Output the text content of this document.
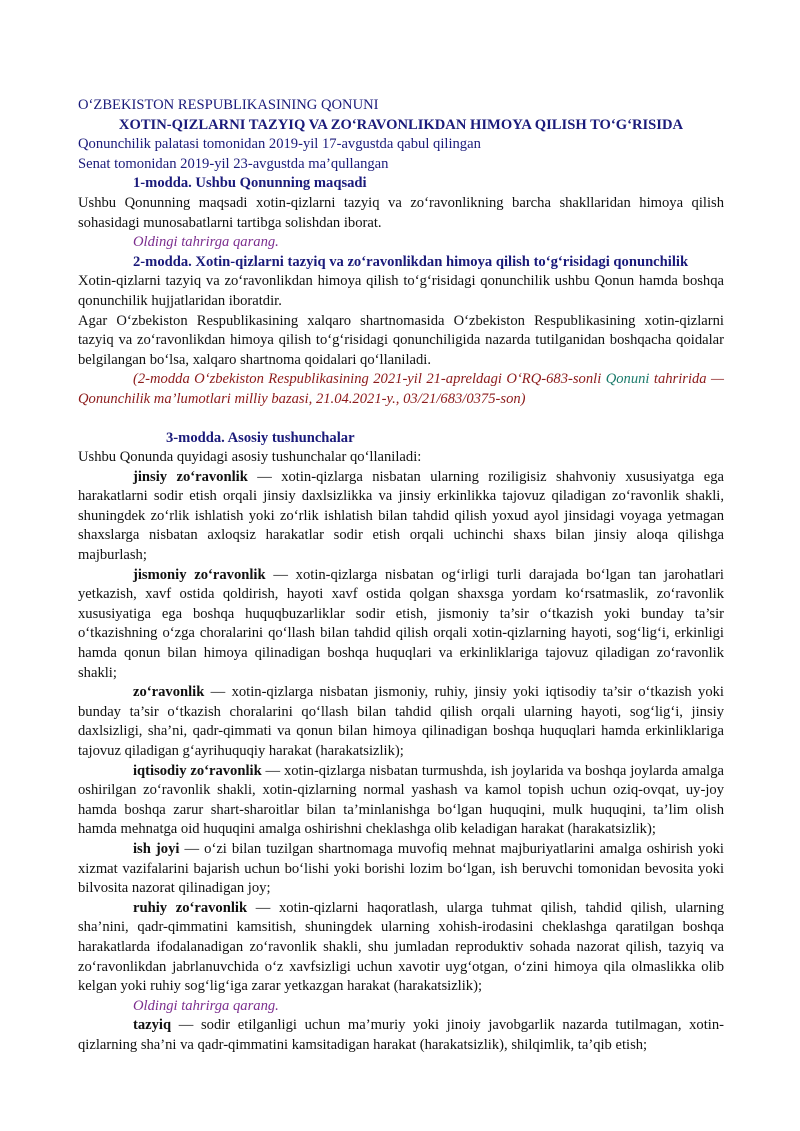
O‘ZBEKISTON RESPUBLIKASINING QONUNI

XOTIN-QIZLARNI TAZYIQ VA ZO‘RAVONLIKDAN HIMOYA QILISH TO‘G‘RISIDA

Qonunchilik palatasi tomonidan 2019-yil 17-avgustda qabul qilingan

Senat tomonidan 2019-yil 23-avgustda ma’qullangan

1-modda. Ushbu Qonunning maqsadi

Ushbu Qonunning maqsadi xotin-qizlarni tazyiq va zo‘ravonlikning barcha shakllaridan himoya qilish sohasidagi munosabatlarni tartibga solishdan iborat.

Oldingi tahrirga qarang.

2-modda. Xotin-qizlarni tazyiq va zo‘ravonlikdan himoya qilish to‘g‘risidagi qonunchilik

Xotin-qizlarni tazyiq va zo‘ravonlikdan himoya qilish to‘g‘risidagi qonunchilik ushbu Qonun hamda boshqa qonunchilik hujjatlaridan iboratdir.

Agar O‘zbekiston Respublikasining xalqaro shartnomasida O‘zbekiston Respublikasining xotin-qizlarni tazyiq va zo‘ravonlikdan himoya qilish to‘g‘risidagi qonunchiligida nazarda tutilganidan boshqacha qoidalar belgilangan bo‘lsa, xalqaro shartnoma qoidalari qo‘llaniladi.

(2-modda O‘zbekiston Respublikasining 2021-yil 21-apreldagi O‘RQ-683-sonli Qonuni tahririda — Qonunchilik ma’lumotlari milliy bazasi, 21.04.2021-y., 03/21/683/0375-son)

3-modda. Asosiy tushunchalar

Ushbu Qonunda quyidagi asosiy tushunchalar qo‘llaniladi:

jinsiy zo‘ravonlik — xotin-qizlarga nisbatan ularning roziligisiz shahvoniy xususiyatga ega harakatlarni sodir etish orqali jinsiy daxlsizlikka va jinsiy erkinlikka tajovuz qiladigan zo‘ravonlik shakli, shuningdek zo‘rlik ishlatish yoki zo‘rlik ishlatish bilan tahdid qilish yoxud ayol jinsidagi voyaga yetmagan shaxslarga nisbatan axloqsiz harakatlar sodir etish orqali uchinchi shaxs bilan jinsiy aloqa qilishga majburlash;

jismoniy zo‘ravonlik — xotin-qizlarga nisbatan og‘irligi turli darajada bo‘lgan tan jarohatlari yetkazish, xavf ostida qoldirish, hayoti xavf ostida qolgan shaxsga yordam ko‘rsatmaslik, zo‘ravonlik xususiyatiga ega boshqa huquqbuzarliklar sodir etish, jismoniy ta’sir o‘tkazish yoki bunday ta’sir o‘tkazishning o‘zga choralarini qo‘llash bilan tahdid qilish orqali xotin-qizlarning hayoti, sog‘lig‘i, erkinligi hamda qonun bilan himoya qilinadigan boshqa huquqlari va erkinliklariga tajovuz qiladigan zo‘ravonlik shakli;

zo‘ravonlik — xotin-qizlarga nisbatan jismoniy, ruhiy, jinsiy yoki iqtisodiy ta’sir o‘tkazish yoki bunday ta’sir o‘tkazish choralarini qo‘llash bilan tahdid qilish orqali ularning hayoti, sog‘lig‘i, jinsiy daxlsizligi, sha’ni, qadr-qimmati va qonun bilan himoya qilinadigan boshqa huquqlari hamda erkinliklariga tajovuz qiladigan g‘ayrihuquqiy harakat (harakatsizlik);

iqtisodiy zo‘ravonlik — xotin-qizlarga nisbatan turmushda, ish joylarida va boshqa joylarda amalga oshirilgan zo‘ravonlik shakli, xotin-qizlarning normal yashash va kamol topish uchun oziq-ovqat, uy-joy hamda boshqa zarur shart-sharoitlar bilan ta’minlanishga bo‘lgan huquqini, mulk huquqini, ta’lim olish hamda mehnatga oid huquqini amalga oshirishni cheklashga olib keladigan harakat (harakatsizlik);

ish joyi — o‘zi bilan tuzilgan shartnomaga muvofiq mehnat majburiyatlarini amalga oshirish yoki xizmat vazifalarini bajarish uchun bo‘lishi yoki borishi lozim bo‘lgan, ish beruvchi tomonidan bevosita yoki bilvosita nazorat qilinadigan joy;

ruhiy zo‘ravonlik — xotin-qizlarni haqoratlash, ularga tuhmat qilish, tahdid qilish, ularning sha’nini, qadr-qimmatini kamsitish, shuningdek ularning xohish-irodasini cheklashga qaratilgan boshqa harakatlarda ifodalanadigan zo‘ravonlik shakli, shu jumladan reproduktiv sohada nazorat qilish, tazyiq va zo‘ravonlikdan jabrlanuvchida o‘z xavfsizligi uchun xavotir uyg‘otgan, o‘zini himoya qila olmaslikka olib kelgan yoki ruhiy sog‘lig‘iga zarar yetkazgan harakat (harakatsizlik);

Oldingi tahrirga qarang.

tazyiq — sodir etilganligi uchun ma’muriy yoki jinoiy javobgarlik nazarda tutilmagan, xotin-qizlarning sha’ni va qadr-qimmatini kamsitadigan harakat (harakatsizlik), shilqimlik, ta’qib etish;
